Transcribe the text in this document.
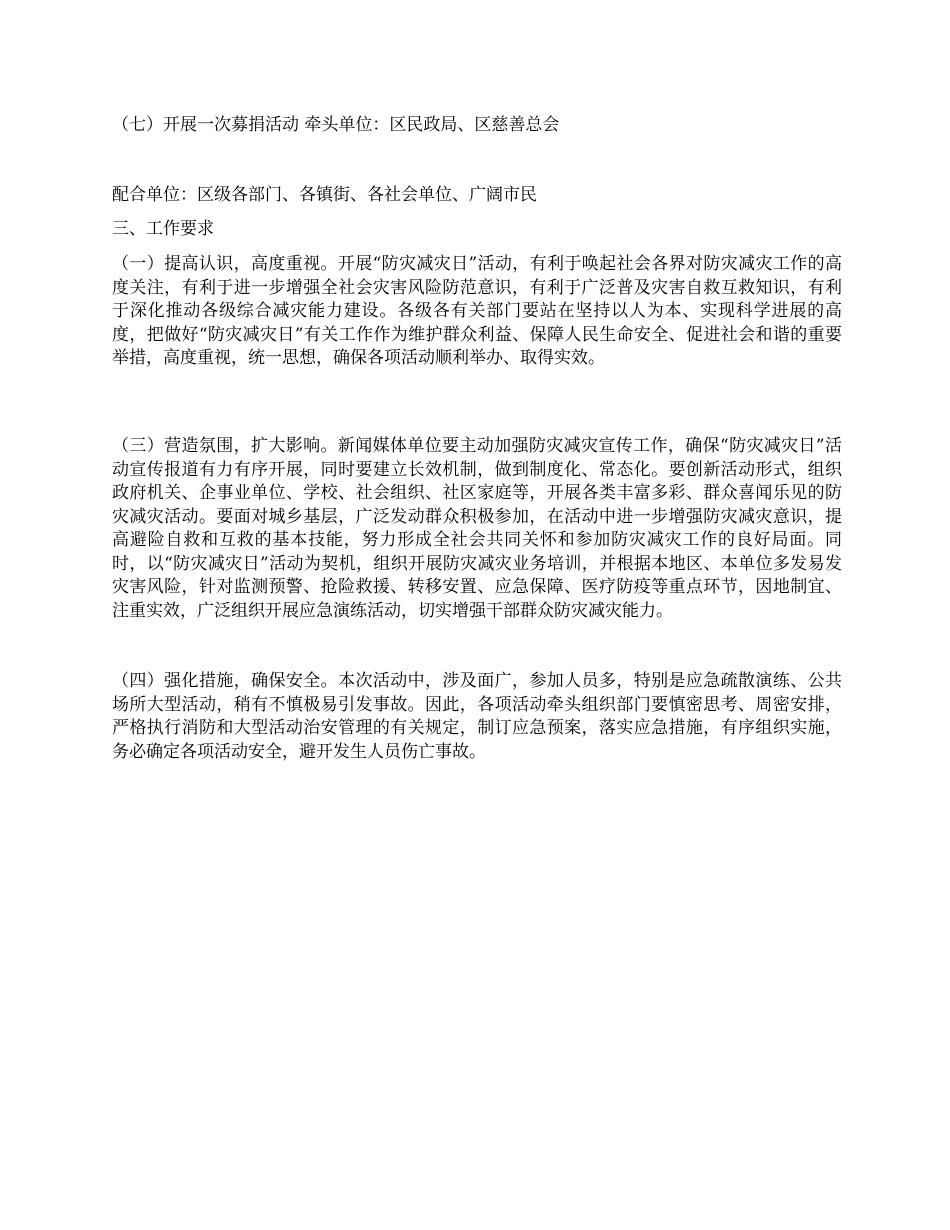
（七）开展一次募捐活动 牵头单位：区民政局、区慈善总会

配合单位：区级各部门、各镇街、各社会单位、广阔市民

三、工作要求

（一）提高认识，高度重视。开展“防灾减灾日”活动，有利于唤起社会各界对防灾减灾工作的高度关注，有利于进一步增强全社会灾害风险防范意识，有利于广泛普及灾害自救互救知识，有利于深化推动各级综合减灾能力建设。各级各有关部门要站在坚持以人为本、实现科学进展的高度，把做好“防灾减灾日”有关工作作为维护群众利益、保障人民生命安全、促进社会和谐的重要举措，高度重视，统一思想，确保各项活动顺利举办、取得实效。

（三）营造氛围，扩大影响。新闻媒体单位要主动加强防灾减灾宣传工作，确保“防灾减灾日”活动宣传报道有力有序开展，同时要建立长效机制，做到制度化、常态化。要创新活动形式，组织政府机关、企事业单位、学校、社会组织、社区家庭等，开展各类丰富多彩、群众喜闻乐见的防灾减灾活动。要面对城乡基层，广泛发动群众积极参加，在活动中进一步增强防灾减灾意识，提高避险自救和互救的基本技能，努力形成全社会共同关怀和参加防灾减灾工作的良好局面。同时，以“防灾减灾日”活动为契机，组织开展防灾减灾业务培训，并根据本地区、本单位多发易发灾害风险，针对监测预警、抢险救援、转移安置、应急保障、医疗防疫等重点环节，因地制宜、注重实效，广泛组织开展应急演练活动，切实增强干部群众防灾减灾能力。

（四）强化措施，确保安全。本次活动中，涉及面广，参加人员多，特别是应急疏散演练、公共场所大型活动，稍有不慎极易引发事故。因此，各项活动牵头组织部门要慎密思考、周密安排，严格执行消防和大型活动治安管理的有关规定，制订应急预案，落实应急措施，有序组织实施，务必确定各项活动安全，避开发生人员伤亡事故。
